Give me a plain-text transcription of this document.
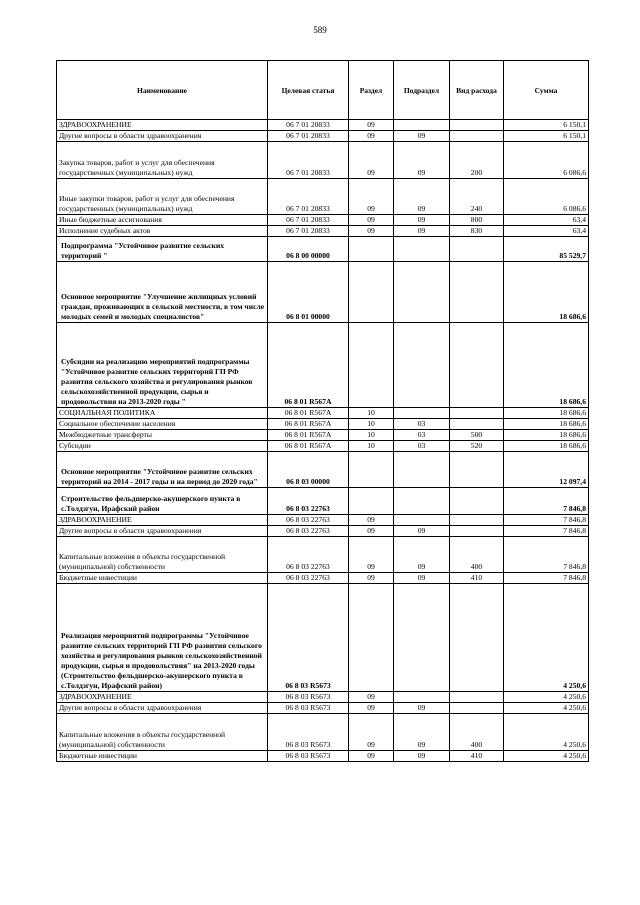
589
Наименование	Целевая статья	Раздел	Подраздел	Вид расхода	Сумма
ЗДРАВООХРАНЕНИЕ	06 7 01 20833	09			6 150,1
Другие вопросы в области здравоохранения	06 7 01 20833	09	09		6 150,1
Закупка товаров, работ и услуг для обеспечения государственных (муниципальных) нужд	06 7 01 20833	09	09	200	6 086,6
Иные закупки товаров, работ и услуг для обеспечения государственных (муниципальных) нужд	06 7 01 20833	09	09	240	6 086,6
Иные бюджетные ассигнования	06 7 01 20833	09	09	800	63,4
Исполнение судебных актов	06 7 01 20833	09	09	830	63,4
Подпрограмма "Устойчивое развитие сельских территорий "	06 8 00 00000				85 529,7
Основное мероприятие "Улучшение жилищных условий граждан, проживающих в сельской местности, в том числе молодых семей и молодых специалистов"	06 8 01 00000				18 686,6
Субсидии на реализацию мероприятий подпрограммы "Устойчивое развитие сельских территорий ГП РФ развития сельского хозяйства и регулирования рынков сельскохозяйственной продукции, сырья и продовольствия на 2013-2020 годы "	06 8 01 R567A				18 686,6
СОЦИАЛЬНАЯ ПОЛИТИКА	06 8 01 R567A	10			18 686,6
Социальное обеспечение населения	06 8 01 R567A	10	03		18 686,6
Межбюджетные трансферты	06 8 01 R567A	10	03	500	18 686,6
Субсидии	06 8 01 R567A	10	03	520	18 686,6
Основное мероприятие "Устойчивое развитие сельских территорий на 2014 - 2017 годы и на период до 2020 года"	06 8 03 00000				12 097,4
Строительство фельдшерско-акушерского пункта в с.Толдзгун, Ирафский район	06 8 03 22763				7 846,8
ЗДРАВООХРАНЕНИЕ	06 8 03 22763	09			7 846,8
Другие вопросы в области здравоохранения	06 8 03 22763	09	09		7 846,8
Капитальные вложения в объекты государственной (муниципальной) собственности	06 8 03 22763	09	09	400	7 846,8
Бюджетные инвестиции	06 8 03 22763	09	09	410	7 846,8
Реализация мероприятий подпрограммы "Устойчивое развитие сельских территорий ГП РФ развития сельского хозяйства и регулирования рынков сельскохозяйственной продукции, сырья и продовольствия" на 2013-2020 годы (Строительство фельдшерско-акушерского пункта в с.Толдзгун, Ирафский район)	06 8 03 R5673				4 250,6
ЗДРАВООХРАНЕНИЕ	06 8 03 R5673	09			4 250,6
Другие вопросы в области здравоохранения	06 8 03 R5673	09	09		4 250,6
Капитальные вложения в объекты государственной (муниципальной) собственности	06 8 03 R5673	09	09	400	4 250,6
Бюджетные инвестиции	06 8 03 R5673	09	09	410	4 250,6
